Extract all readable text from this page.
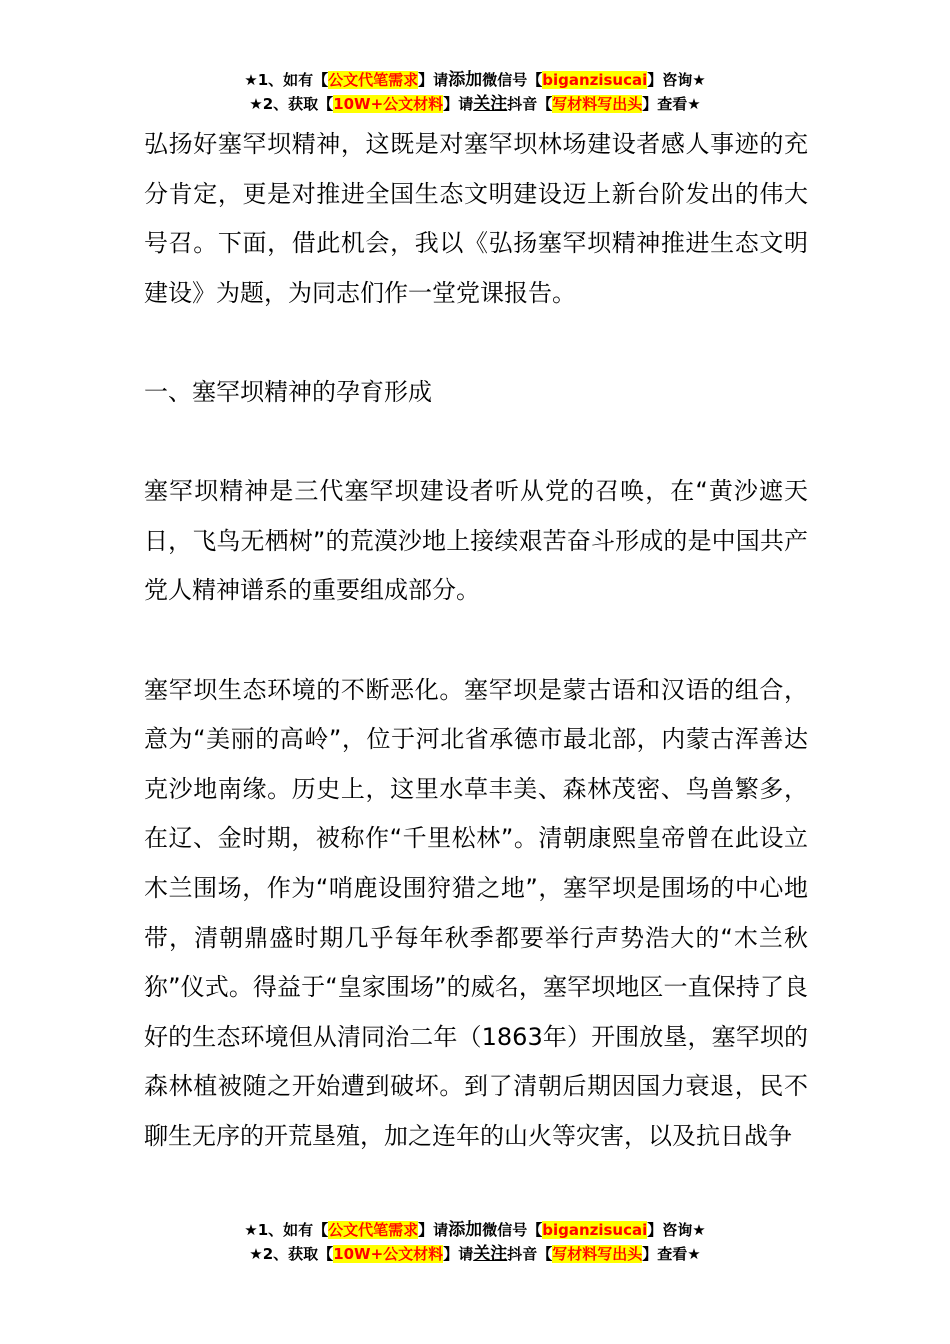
★1、如有【公文代笔需求】请添加微信号【biganzisucai】咨询★
★2、获取【10W+公文材料】请关注抖音【写材料写出头】查看★

弘扬好塞罕坝精神，这既是对塞罕坝林场建设者感人事迹的充分肯定，更是对推进全国生态文明建设迈上新台阶发出的伟大号召。下面，借此机会，我以《弘扬塞罕坝精神推进生态文明建设》为题，为同志们作一堂党课报告。

一、塞罕坝精神的孕育形成

塞罕坝精神是三代塞罕坝建设者听从党的召唤，在“黄沙遮天日，飞鸟无栖树”的荒漠沙地上接续艰苦奋斗形成的是中国共产党人精神谱系的重要组成部分。

塞罕坝生态环境的不断恶化。塞罕坝是蒙古语和汉语的组合，意为“美丽的高岭”，位于河北省承德市最北部，内蒙古浑善达克沙地南缘。历史上，这里水草丰美、森林茂密、鸟兽繁多，在辽、金时期，被称作“千里松林”。清朝康熙皇帝曾在此设立木兰围场，作为“哨鹿设围狩猎之地”，塞罕坝是围场的中心地带，清朝鼎盛时期几乎每年秋季都要举行声势浩大的“木兰秋狝”仪式。得益于“皇家围场”的威名，塞罕坝地区一直保持了良好的生态环境但从清同治二年（1863年）开围放垦，塞罕坝的森林植被随之开始遭到破坏。到了清朝后期因国力衰退，民不聊生无序的开荒垦殖，加之连年的山火等灾害，以及抗日战争

★1、如有【公文代笔需求】请添加微信号【biganzisucai】咨询★
★2、获取【10W+公文材料】请关注抖音【写材料写出头】查看★
